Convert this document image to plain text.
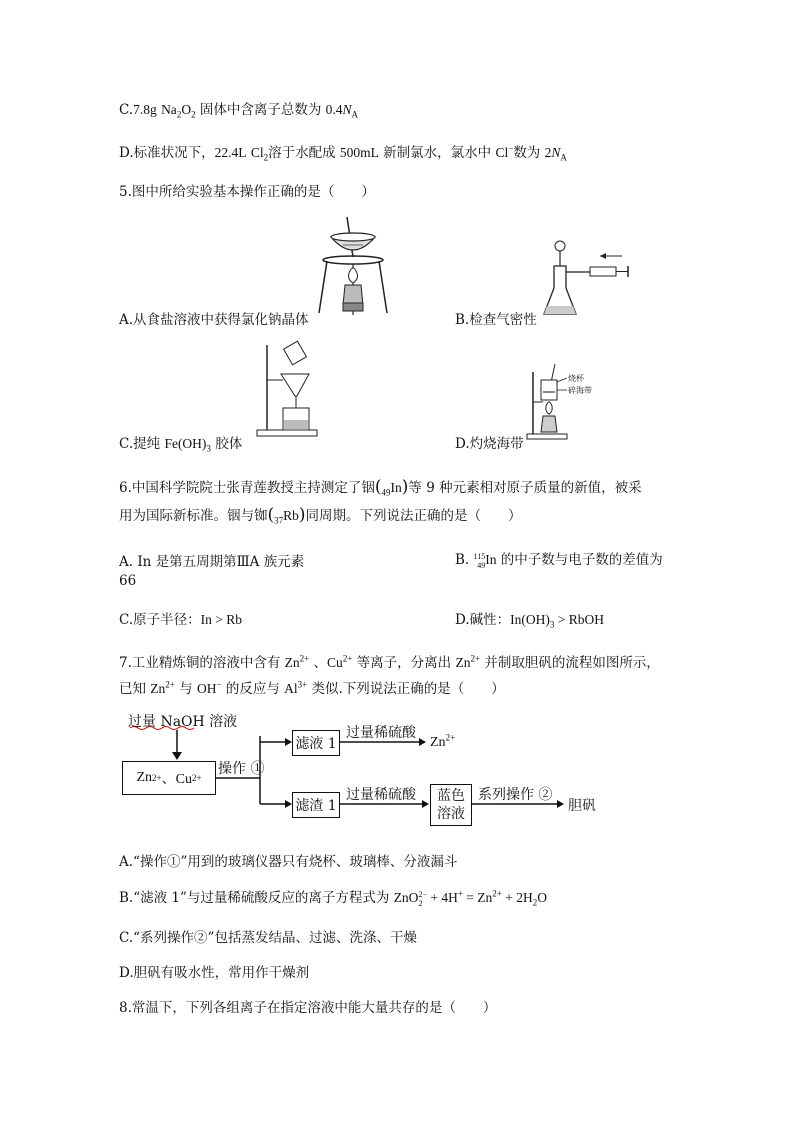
C.7.8g $Na_2O_2$ 固体中含离子总数为 $0.4N_A$
D.标准状况下，22.4L $Cl_2$溶于水配成 500mL 新制氯水，氯水中 Cl−数为 $2N_A$
5.图中所给实验基本操作正确的是（　　）
A.从食盐溶液中获得氯化钠晶体	B.检查气密性
C.提纯 $Fe(OH)_3$ 胶体
烧杯
碎海带
D.灼烧海带
6.中国科学院院士张青莲教授主持测定了铟$(_{49}In)$等 9 种元素相对原子质量的新值，被采
用为国际新标准。铟与铷$(_{37}Rb)$同周期。下列说法正确的是（　　）
A. In 是第五周期第ⅢA 族元素	B. 115
49In 的中子数与电子数的差值为
66
C.原子半径：In > Rb	D.碱性：$In(OH)_3$ > RbOH
7.工业精炼铜的溶液中含有 $Zn^{2+}$ 、$Cu^{2+}$ 等离子，分离出 $Zn^{2+}$ 并制取胆矾的流程如图所示，
已知 $Zn^{2+}$ 与 OH− 的反应与 $Al^{3+}$ 类似.下列说法正确的是（　　）
过量 NaOH 溶液
Zn 2+ 、Cu 2+
操作 ①
滤液 1
滤渣 1
过量稀硫酸
过量稀硫酸
$Zn^{2+}$
蓝色
溶液
系列操作 ②
胆矾
A.“操作①”用到的玻璃仪器只有烧杯、玻璃棒、分液漏斗
B.“滤液 1”与过量稀硫酸反应的离子方程式为 ZnO2−
$2 + 4H^+ = Zn^{2+} + 2H_2O$
C.“系列操作②”包括蒸发结晶、过滤、洗涤、干燥
D.胆矾有吸水性，常用作干燥剂
8.常温下，下列各组离子在指定溶液中能大量共存的是（　　）
